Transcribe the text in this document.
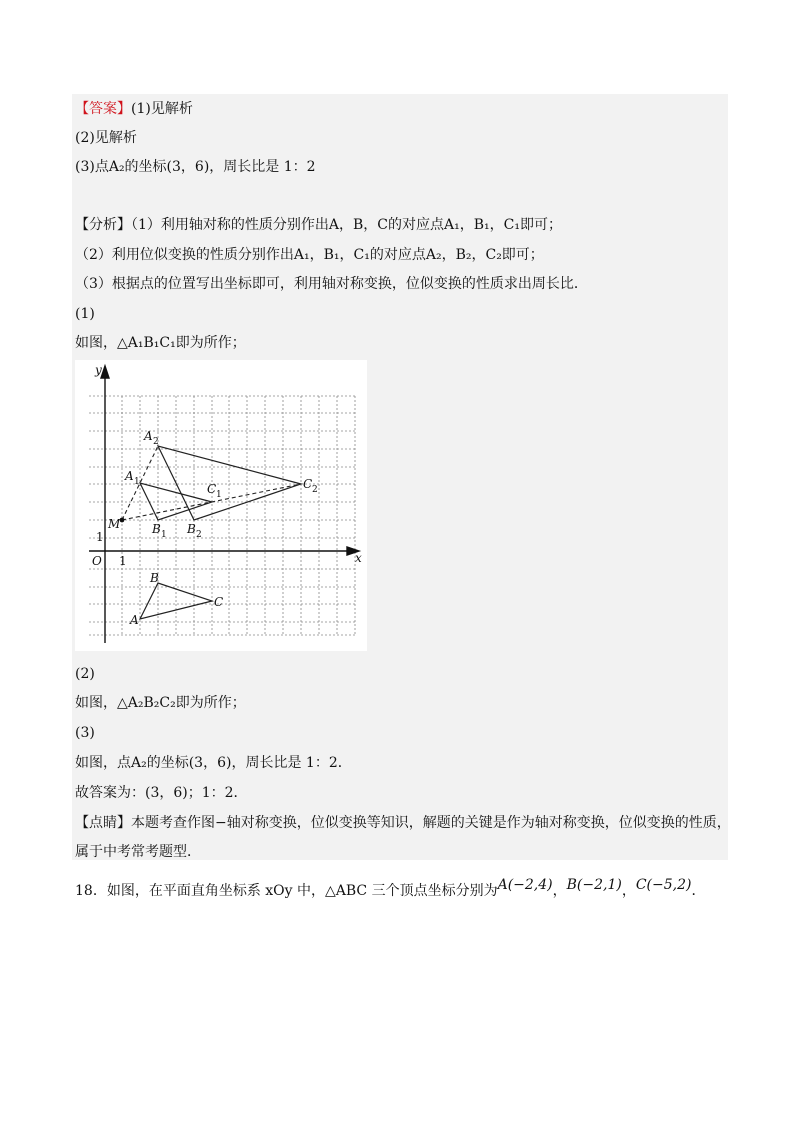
【答案】(1)见解析
(2)见解析
(3)点A₂的坐标(3，6)，周长比是 1：2
【分析】（1）利用轴对称的性质分别作出A，B，C的对应点A₁，B₁，C₁即可；
（2）利用位似变换的性质分别作出A₁，B₁，C₁的对应点A₂，B₂，C₂即可；
（3）根据点的位置写出坐标即可，利用轴对称变换，位似变换的性质求出周长比．
(1)
如图，△A₁B₁C₁即为所作；
y
x
O 1
1
M
A
B
C
A 1
B 1
C 1
A 2
B 2
C 2
(2)
如图，△A₂B₂C₂即为所作；
(3)
如图，点A₂的坐标(3，6)，周长比是 1：2．
故答案为：(3，6)；1：2．
【点睛】本题考查作图−轴对称变换，位似变换等知识，解题的关键是作为轴对称变换，位似变换的性质，
属于中考常考题型．
18．如图，在平面直角坐标系 xOy 中，△ABC 三个顶点坐标分别为A(−2,4)，B(−2,1)，C(−5,2)．
